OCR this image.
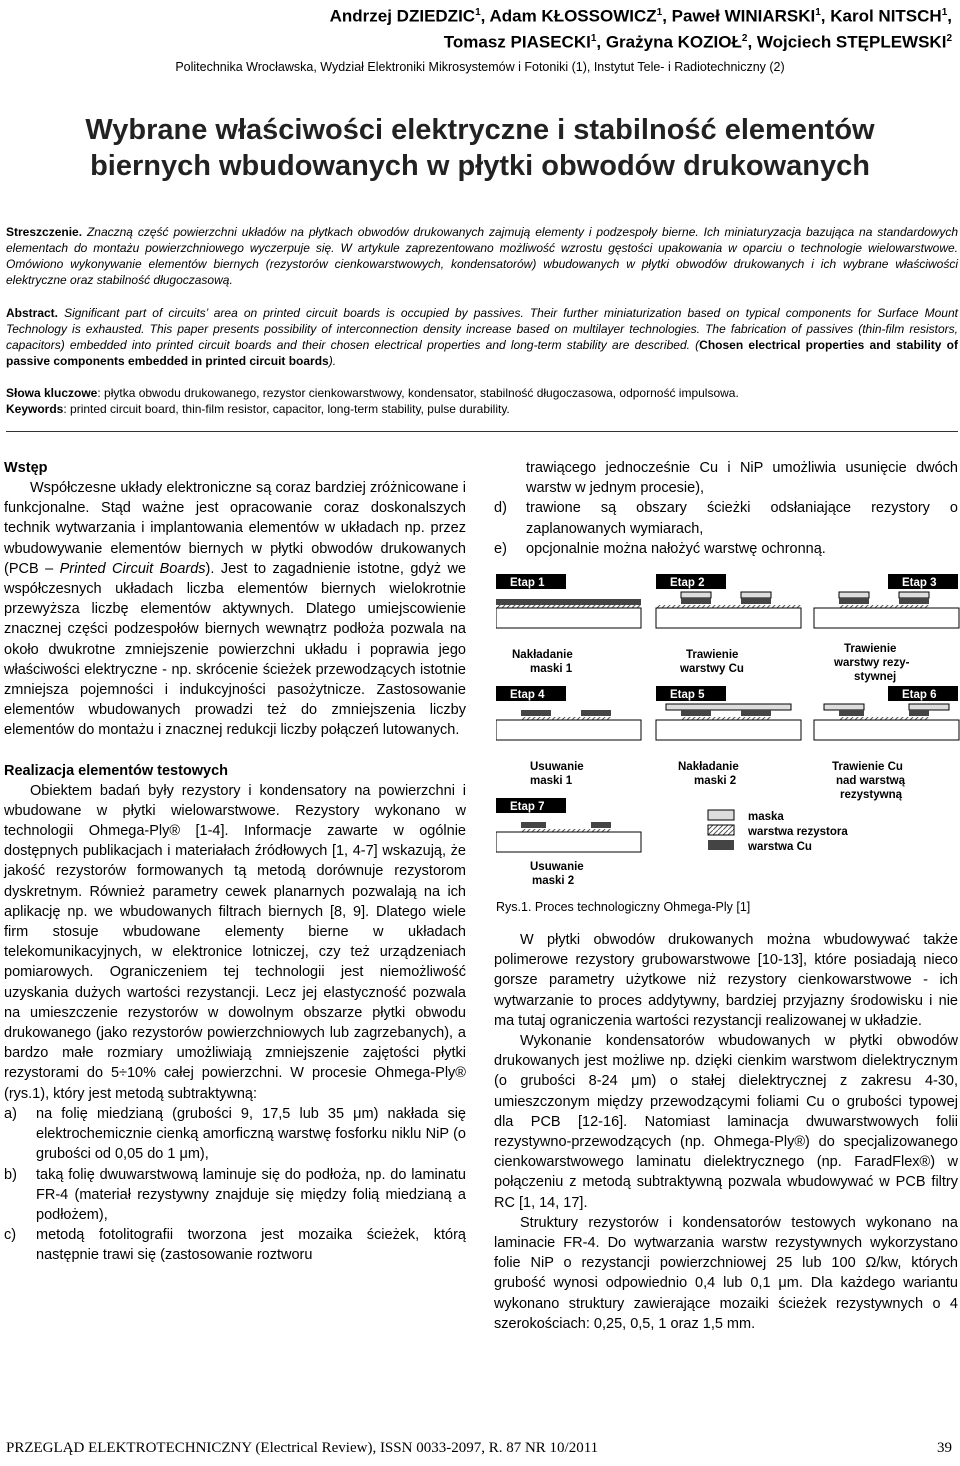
Andrzej DZIEDZIC$^1$, Adam KŁOSSOWICZ$^1$, Paweł WINIARSKI$^1$, Karol NITSCH$^1$,
Tomasz PIASECKI$^1$, Grażyna KOZIOŁ$^2$, Wojciech STĘPLEWSKI$^2$
Politechnika Wrocławska, Wydział Elektroniki Mikrosystemów i Fotoniki (1), Instytut Tele- i Radiotechniczny (2)
Wybrane właściwości elektryczne i stabilność elementów
biernych wbudowanych w płytki obwodów drukowanych
Streszczenie. Znaczną część powierzchni układów na płytkach obwodów drukowanych zajmują elementy i podzespoły bierne. Ich miniaturyzacja bazująca na standardowych elementach do montażu powierzchniowego wyczerpuje się. W artykule zaprezentowano możliwość wzrostu gęstości upakowania w oparciu o technologie wielowarstwowe. Omówiono wykonywanie elementów biernych (rezystorów cienkowarstwowych, kondensatorów) wbudowanych w płytki obwodów drukowanych i ich wybrane właściwości elektryczne oraz stabilność długoczasową.
Abstract. Significant part of circuits’ area on printed circuit boards is occupied by passives. Their further miniaturization based on typical components for Surface Mount Technology is exhausted. This paper presents possibility of interconnection density increase based on multilayer technologies. The fabrication of passives (thin-film resistors, capacitors) embedded into printed circuit boards and their chosen electrical properties and long-term stability are described. (Chosen electrical properties and stability of passive components embedded in printed circuit boards).
Słowa kluczowe: płytka obwodu drukowanego, rezystor cienkowarstwowy, kondensator, stabilność długoczasowa, odporność impulsowa.
Keywords: printed circuit board, thin-film resistor, capacitor, long-term stability, pulse durability.
Wstęp

Współczesne układy elektroniczne są coraz bardziej zróżnicowane i funkcjonalne. Stąd ważne jest opracowanie coraz doskonalszych technik wytwarzania i implantowania elementów w układach np. przez wbudowywanie elementów biernych w płytki obwodów drukowanych (PCB – Printed Circuit Boards). Jest to zagadnienie istotne, gdyż we współczesnych układach liczba elementów biernych wielokrotnie przewyższa liczbę elementów aktywnych. Dlatego umiejscowienie znacznej części podzespołów biernych wewnątrz podłoża pozwala na około dwukrotne zmniejszenie powierzchni układu i poprawia jego właściwości elektryczne - np. skrócenie ścieżek przewodzących istotnie zmniejsza pojemności i indukcyjności pasożytnicze. Zastosowanie elementów wbudowanych prowadzi też do zmniejszenia liczby elementów do montażu i znacznej redukcji liczby połączeń lutowanych.

Realizacja elementów testowych

Obiektem badań były rezystory i kondensatory na powierzchni i wbudowane w płytki wielowarstwowe. Rezystory wykonano w technologii Ohmega-Ply® [1-4]. Informacje zawarte w ogólnie dostępnych publikacjach i materiałach źródłowych [1, 4-7] wskazują, że jakość rezystorów formowanych tą metodą dorównuje rezystorom dyskretnym. Również parametry cewek planarnych pozwalają na ich aplikację np. we wbudowanych filtrach biernych [8, 9]. Dlatego wiele firm stosuje wbudowane elementy bierne w układach telekomunikacyjnych, w elektronice lotniczej, czy też urządzeniach pomiarowych. Ograniczeniem tej technologii jest niemożliwość uzyskania dużych wartości rezystancji. Lecz jej elastyczność pozwala na umieszczenie rezystorów w dowolnym obszarze płytki obwodu drukowanego (jako rezystorów powierzchniowych lub zagrzebanych), a bardzo małe rozmiary umożliwiają zmniejszenie zajętości płytki rezystorami do 5÷10% całej powierzchni. W procesie Ohmega-Ply® (rys.1), który jest metodą subtraktywną:

a)	na folię miedzianą (grubości 9, 17,5 lub 35 μm) nakłada się elektrochemicznie cienką amorficzną warstwę fosforku niklu NiP (o grubości od 0,05 do 1 μm),
b)	taką folię dwuwarstwową laminuje się do podłoża, np. do laminatu FR-4 (materiał rezystywny znajduje się między folią miedzianą a podłożem),
c)	metodą fotolitografii tworzona jest mozaika ścieżek, którą następnie trawi się (zastosowanie roztworu
trawiącego jednocześnie Cu i NiP umożliwia usunięcie dwóch warstw w jednym procesie),
d)	trawione są obszary ścieżki odsłaniające rezystory o zaplanowanych wymiarach,
e)	opcjonalnie można nałożyć warstwę ochronną.
Etap 1
Nakładanie
maski 1
Etap 2
Trawienie
warstwy Cu
Etap 3
Trawienie
warstwy rezy-
stywnej
Etap 4
Usuwanie
maski 1
Etap 5
Nakładanie
maski 2
Etap 6
Trawienie Cu
nad warstwą
rezystywną
Etap 7
Usuwanie
maski 2
maska
warstwa rezystora
warstwa Cu
Rys.1. Proces technologiczny Ohmega-Ply [1]

W płytki obwodów drukowanych można wbudowywać także polimerowe rezystory grubowarstwowe [10-13], które posiadają nieco gorsze parametry użytkowe niż rezystory cienkowarstwowe - ich wytwarzanie to proces addytywny, bardziej przyjazny środowisku i nie ma tutaj ograniczenia wartości rezystancji realizowanej w układzie.

Wykonanie kondensatorów wbudowanych w płytki obwodów drukowanych jest możliwe np. dzięki cienkim warstwom dielektrycznym (o grubości 8-24 μm) o stałej dielektrycznej z zakresu 4-30, umieszczonym między przewodzącymi foliami Cu o grubości typowej dla PCB [12-16]. Natomiast laminacja dwuwarstwowych folii rezystywno-przewodzących (np. Ohmega-Ply®) do specjalizowanego cienkowarstwowego laminatu dielektrycznego (np. FaradFlex®) w połączeniu z metodą subtraktywną pozwala wbudowywać w PCB filtry RC [1, 14, 17].

Struktury rezystorów i kondensatorów testowych wykonano na laminacie FR-4. Do wytwarzania warstw rezystywnych wykorzystano folie NiP o rezystancji powierzchniowej 25 lub 100 Ω/kw, których grubość wynosi odpowiednio 0,4 lub 0,1 μm. Dla każdego wariantu wykonano struktury zawierające mozaiki ścieżek rezystywnych o 4 szerokościach: 0,25, 0,5, 1 oraz 1,5 mm.

PRZEGLĄD ELEKTROTECHNICZNY (Electrical Review), ISSN 0033-2097, R. 87 NR 10/2011	39
